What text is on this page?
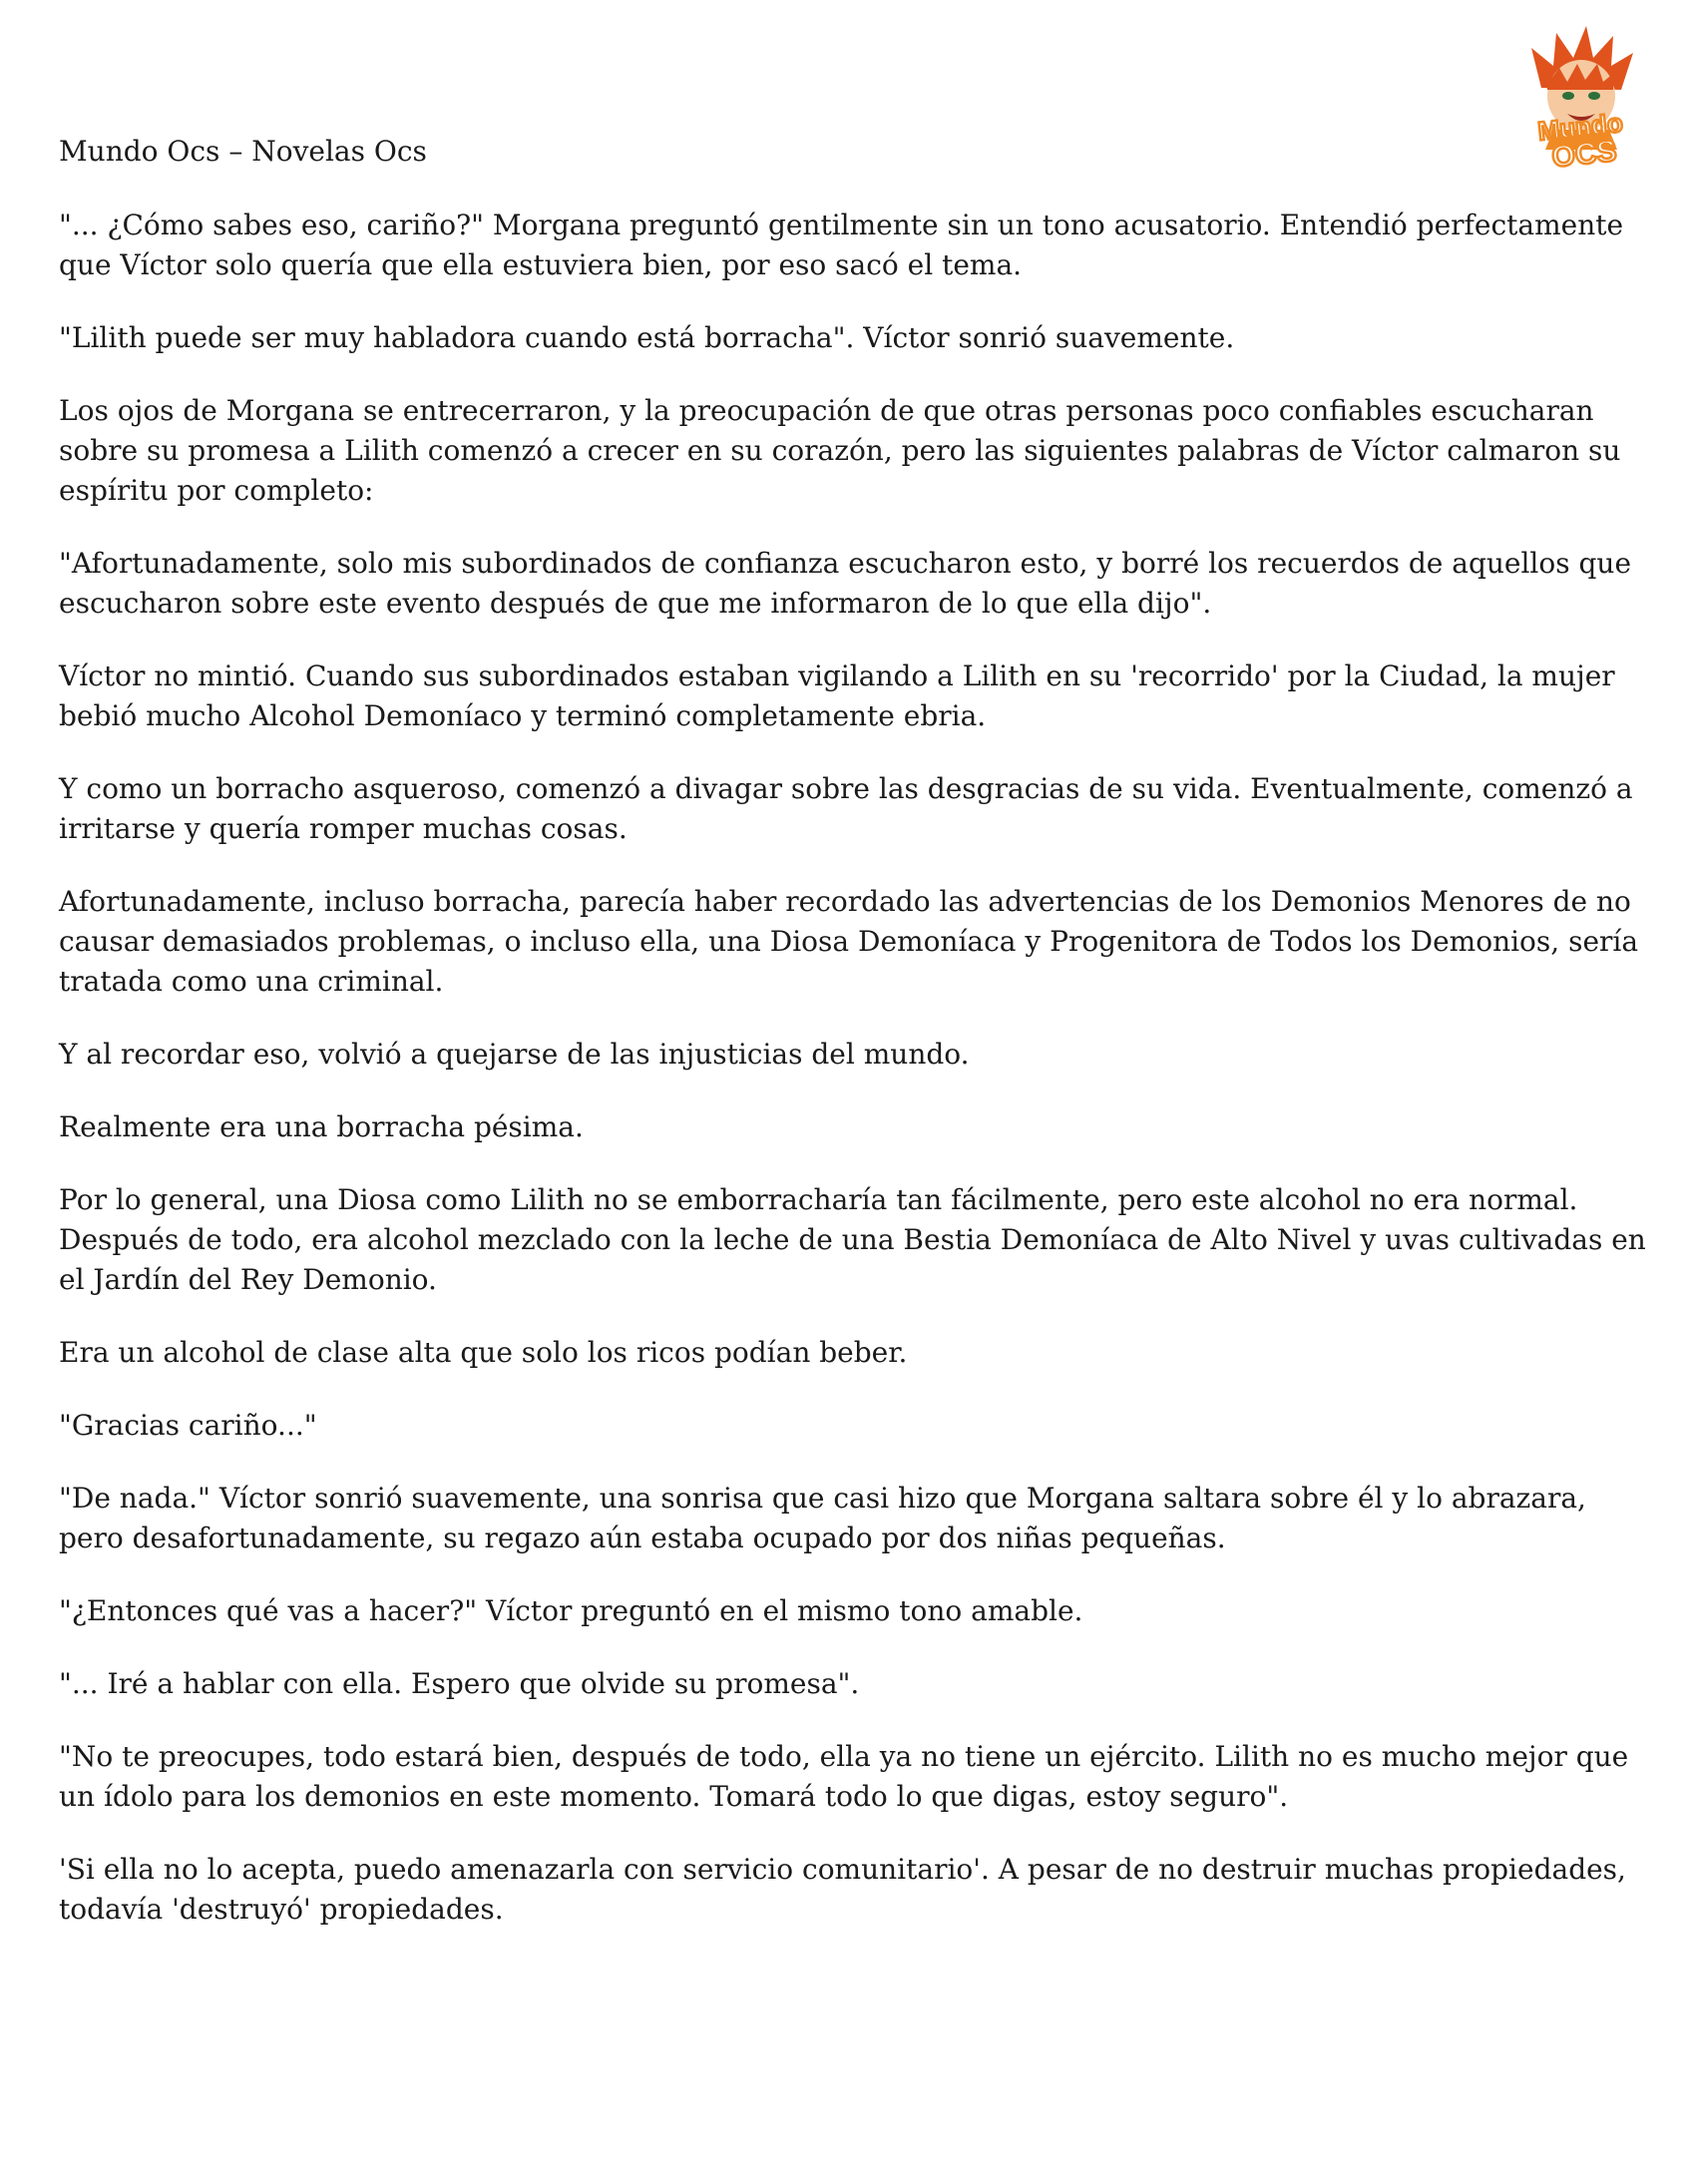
Mundo Ocs – Novelas Ocs
Mundo
OCS

"... ¿Cómo sabes eso, cariño?" Morgana preguntó gentilmente sin un tono acusatorio. Entendió perfectamente que Víctor solo quería que ella estuviera bien, por eso sacó el tema.

"Lilith puede ser muy habladora cuando está borracha". Víctor sonrió suavemente.

Los ojos de Morgana se entrecerraron, y la preocupación de que otras personas poco confiables escucharan sobre su promesa a Lilith comenzó a crecer en su corazón, pero las siguientes palabras de Víctor calmaron su espíritu por completo:

"Afortunadamente, solo mis subordinados de confianza escucharon esto, y borré los recuerdos de aquellos que escucharon sobre este evento después de que me informaron de lo que ella dijo".

Víctor no mintió. Cuando sus subordinados estaban vigilando a Lilith en su 'recorrido' por la Ciudad, la mujer bebió mucho Alcohol Demoníaco y terminó completamente ebria.

Y como un borracho asqueroso, comenzó a divagar sobre las desgracias de su vida. Eventualmente, comenzó a irritarse y quería romper muchas cosas.

Afortunadamente, incluso borracha, parecía haber recordado las advertencias de los Demonios Menores de no causar demasiados problemas, o incluso ella, una Diosa Demoníaca y Progenitora de Todos los Demonios, sería tratada como una criminal.

Y al recordar eso, volvió a quejarse de las injusticias del mundo.

Realmente era una borracha pésima.

Por lo general, una Diosa como Lilith no se emborracharía tan fácilmente, pero este alcohol no era normal. Después de todo, era alcohol mezclado con la leche de una Bestia Demoníaca de Alto Nivel y uvas cultivadas en el Jardín del Rey Demonio.

Era un alcohol de clase alta que solo los ricos podían beber.

"Gracias cariño..."

"De nada." Víctor sonrió suavemente, una sonrisa que casi hizo que Morgana saltara sobre él y lo abrazara, pero desafortunadamente, su regazo aún estaba ocupado por dos niñas pequeñas.

"¿Entonces qué vas a hacer?" Víctor preguntó en el mismo tono amable.

"... Iré a hablar con ella. Espero que olvide su promesa".

"No te preocupes, todo estará bien, después de todo, ella ya no tiene un ejército. Lilith no es mucho mejor que un ídolo para los demonios en este momento. Tomará todo lo que digas, estoy seguro".

'Si ella no lo acepta, puedo amenazarla con servicio comunitario'. A pesar de no destruir muchas propiedades, todavía 'destruyó' propiedades.
